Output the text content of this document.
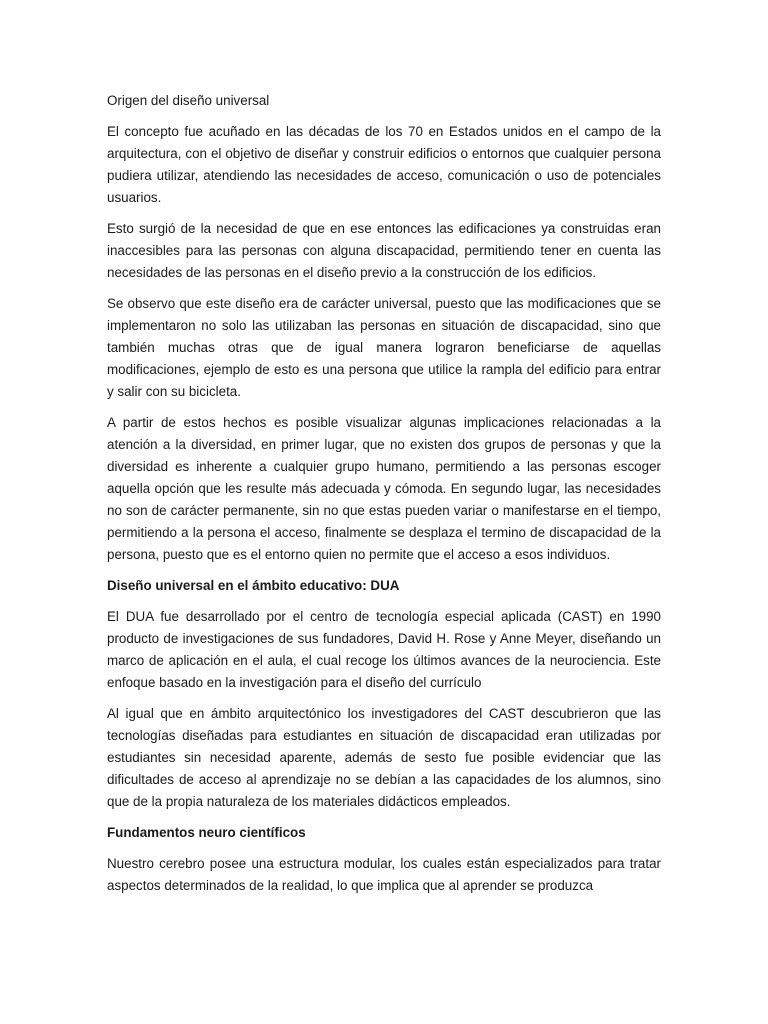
Origen del diseño universal

El concepto fue acuñado en las décadas de los 70 en Estados unidos en el campo de la arquitectura, con el objetivo de diseñar y construir edificios o entornos que cualquier persona pudiera utilizar, atendiendo las necesidades de acceso, comunicación o uso de potenciales usuarios.

Esto surgió de la necesidad de que en ese entonces las edificaciones ya construidas eran inaccesibles para las personas con alguna discapacidad, permitiendo tener en cuenta las necesidades de las personas en el diseño previo a la construcción de los edificios.

Se observo que este diseño era de carácter universal, puesto que las modificaciones que se implementaron no solo las utilizaban las personas en situación de discapacidad, sino que también muchas otras que de igual manera lograron beneficiarse de aquellas modificaciones, ejemplo de esto es una persona que utilice la rampla del edificio para entrar y salir con su bicicleta.

A partir de estos hechos es posible visualizar algunas implicaciones relacionadas a la atención a la diversidad, en primer lugar, que no existen dos grupos de personas y que la diversidad es inherente a cualquier grupo humano, permitiendo a las personas escoger aquella opción que les resulte más adecuada y cómoda. En segundo lugar, las necesidades no son de carácter permanente, sin no que estas pueden variar o manifestarse en el tiempo, permitiendo a la persona el acceso, finalmente se desplaza el termino de discapacidad de la persona, puesto que es el entorno quien no permite que el acceso a esos individuos.

Diseño universal en el ámbito educativo: DUA

El DUA fue desarrollado por el centro de tecnología especial aplicada (CAST) en 1990 producto de investigaciones de sus fundadores, David H. Rose y Anne Meyer, diseñando un marco de aplicación en el aula, el cual recoge los últimos avances de la neurociencia. Este enfoque basado en la investigación para el diseño del currículo

Al igual que en ámbito arquitectónico los investigadores del CAST descubrieron que las tecnologías diseñadas para estudiantes en situación de discapacidad eran utilizadas por estudiantes sin necesidad aparente, además de sesto fue posible evidenciar que las dificultades de acceso al aprendizaje no se debían a las capacidades de los alumnos, sino que de la propia naturaleza de los materiales didácticos empleados.

Fundamentos neuro científicos

Nuestro cerebro posee una estructura modular, los cuales están especializados para tratar aspectos determinados de la realidad, lo que implica que al aprender se produzca
